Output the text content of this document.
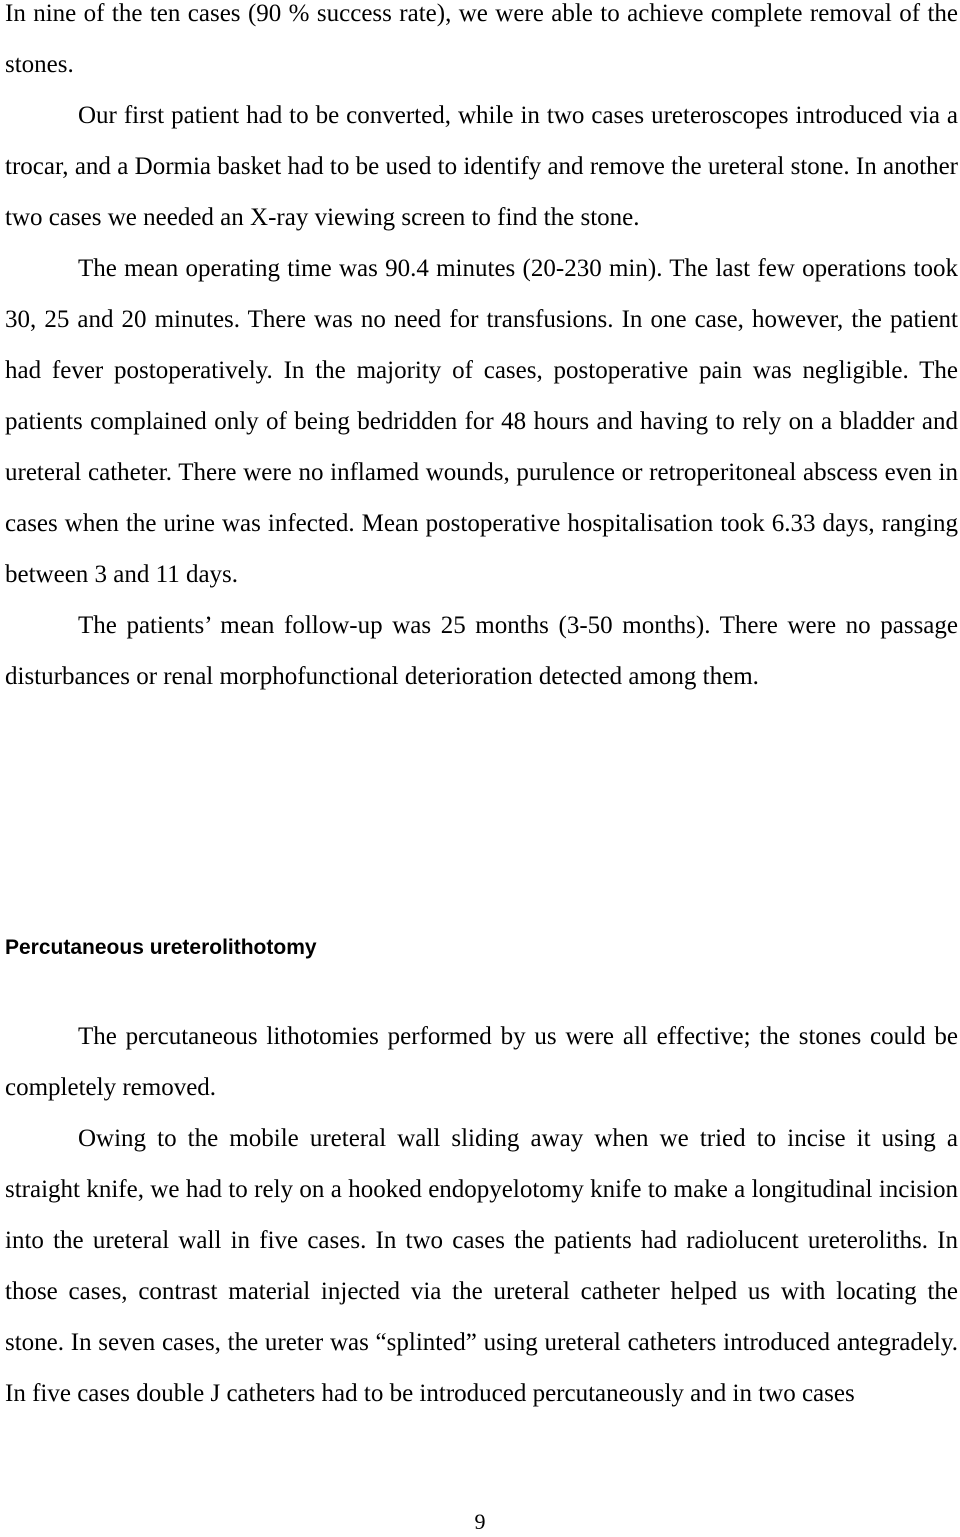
In nine of the ten cases (90 % success rate), we were able to achieve complete removal of the stones.

Our first patient had to be converted, while in two cases ureteroscopes introduced via a trocar, and a Dormia basket had to be used to identify and remove the ureteral stone. In another two cases we needed an X-ray viewing screen to find the stone.

The mean operating time was 90.4 minutes (20-230 min). The last few operations took 30, 25 and 20 minutes. There was no need for transfusions. In one case, however, the patient had fever postoperatively. In the majority of cases, postoperative pain was negligible. The patients complained only of being bedridden for 48 hours and having to rely on a bladder and ureteral catheter. There were no inflamed wounds, purulence or retroperitoneal abscess even in cases when the urine was infected. Mean postoperative hospitalisation took 6.33 days, ranging between 3 and 11 days.

The patients’ mean follow-up was 25 months (3-50 months). There were no passage disturbances or renal morphofunctional deterioration detected among them.

Percutaneous ureterolithotomy

The percutaneous lithotomies performed by us were all effective; the stones could be completely removed.

Owing to the mobile ureteral wall sliding away when we tried to incise it using a straight knife, we had to rely on a hooked endopyelotomy knife to make a longitudinal incision into the ureteral wall in five cases. In two cases the patients had radiolucent ureteroliths. In those cases, contrast material injected via the ureteral catheter helped us with locating the stone. In seven cases, the ureter was “splinted” using ureteral catheters introduced antegradely. In five cases double J catheters had to be introduced percutaneously and in two cases

9
